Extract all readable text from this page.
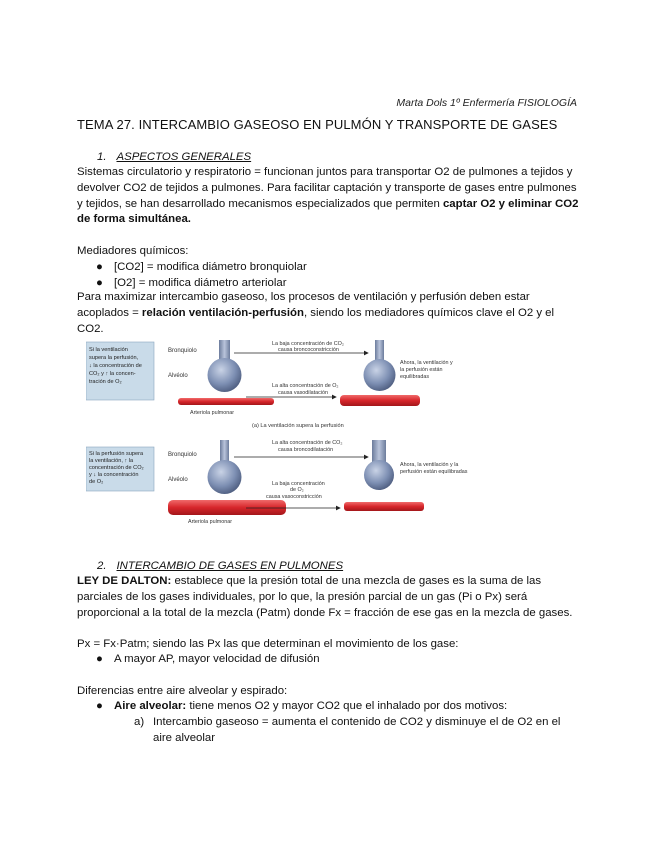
Marta Dols 1º Enfermería FISIOLOGÍA
TEMA 27. INTERCAMBIO GASEOSO EN PULMÓN Y TRANSPORTE DE GASES
1. ASPECTOS GENERALES
Sistemas circulatorio y respiratorio = funcionan juntos para transportar O2 de pulmones a tejidos y devolver CO2 de tejidos a pulmones. Para facilitar captación y transporte de gases entre pulmones y tejidos, se han desarrollado mecanismos especializados que permiten captar O2 y eliminar CO2 de forma simultánea.
Mediadores químicos:
● [CO2] = modifica diámetro bronquiolar
● [O2] = modifica diámetro arteriolar
Para maximizar intercambio gaseoso, los procesos de ventilación y perfusión deben estar acoplados = relación ventilación-perfusión, siendo los mediadores químicos clave el O2 y el CO2.
Si la ventilación
supera la perfusión,
↓ la concentración de
CO₂ y ↑ la concen-
tración de O₂
Bronquiolo
Alvéolo
La baja concentración de CO₂
causa broncoconstricción
La alta concentración de O₂
causa vasodilatación
Ahora, la ventilación y
la perfusión están
equilibradas
Arteriola pulmonar
(a) La ventilación supera la perfusión
Si la perfusión supera
la ventilación, ↑ la
concentración de CO₂
y ↓ la concentración
de O₂
Bronquiolo
Alvéolo
La alta concentración de CO₂
causa broncodilatación
La baja concentración
de O₂
causa vasoconstricción
Ahora, la ventilación y la
perfusión están equilibradas
Arteriola pulmonar
2. INTERCAMBIO DE GASES EN PULMONES
LEY DE DALTON: establece que la presión total de una mezcla de gases es la suma de las parciales de los gases individuales, por lo que, la presión parcial de un gas (Pi o Px) será proporcional a la total de la mezcla (Patm) donde Fx = fracción de ese gas en la mezcla de gases.
Px = Fx·Patm; siendo las Px las que determinan el movimiento de los gase:
● A mayor AP, mayor velocidad de difusión
Diferencias entre aire alveolar y espirado:
● Aire alveolar: tiene menos O2 y mayor CO2 que el inhalado por dos motivos:
a) Intercambio gaseoso = aumenta el contenido de CO2 y disminuye el de O2 en el
aire alveolar
